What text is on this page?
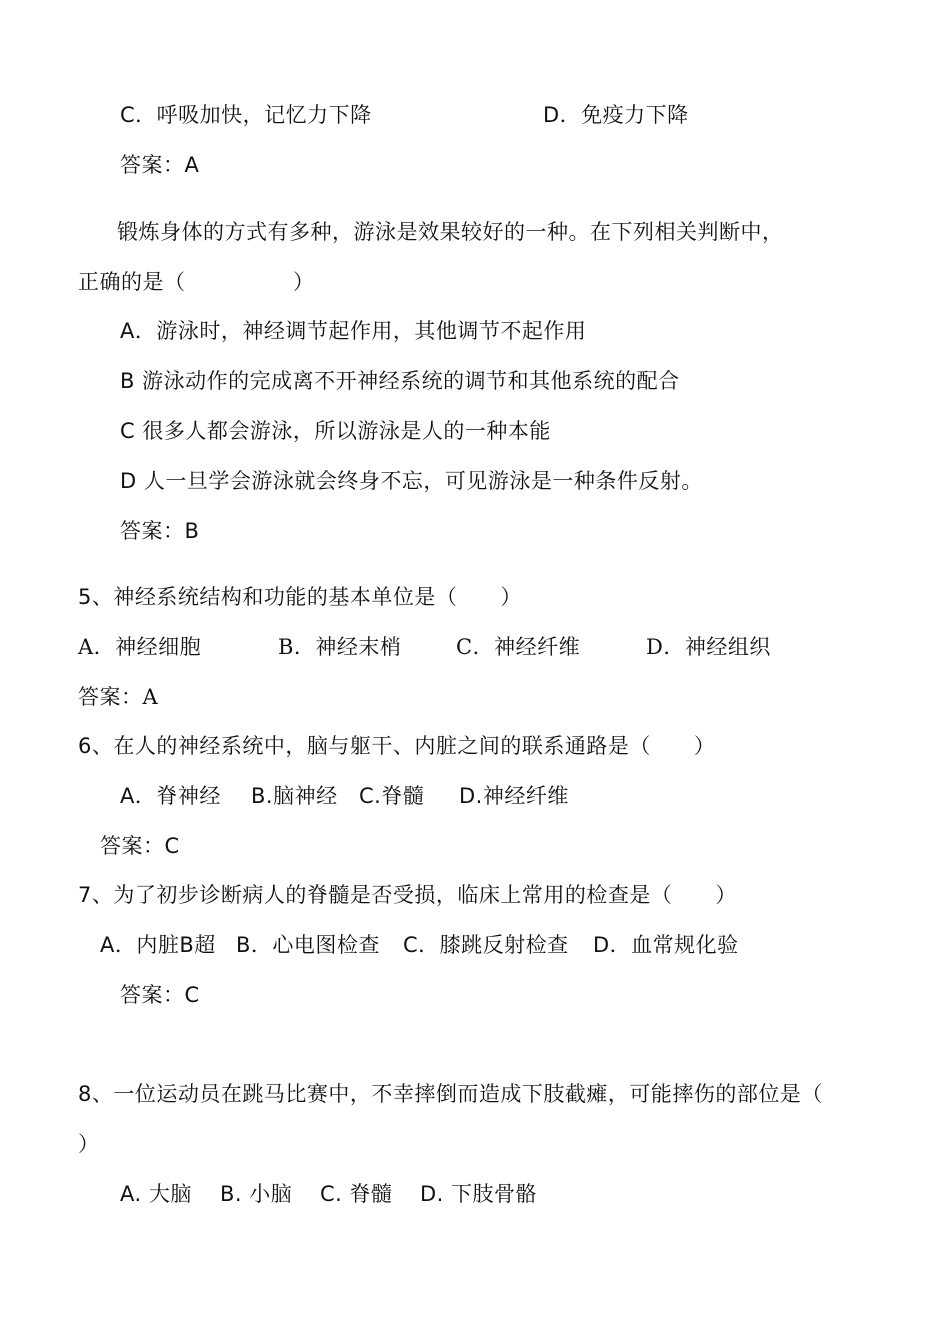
C．呼吸加快，记忆力下降	D．免疫力下降
答案：A
锻炼身体的方式有多种，游泳是效果较好的一种。在下列相关判断中，
正确的是（　　　　　）
A．游泳时，神经调节起作用，其他调节不起作用
B 游泳动作的完成离不开神经系统的调节和其他系统的配合
C 很多人都会游泳，所以游泳是人的一种本能
D 人一旦学会游泳就会终身不忘，可见游泳是一种条件反射。
答案：B
5、神经系统结构和功能的基本单位是（　　）
A．神经细胞	B．神经末梢	C．神经纤维	D．神经组织
答案：A
6、在人的神经系统中，脑与躯干、内脏之间的联系通路是（　　）
A．脊神经 B.脑神经 C.脊髓 D.神经纤维
答案：C
7、为了初步诊断病人的脊髓是否受损，临床上常用的检查是（　　）
A．内脏B超 B．心电图检查 C．膝跳反射检查 D．血常规化验
答案：C
8、一位运动员在跳马比赛中，不幸摔倒而造成下肢截瘫，可能摔伤的部位是（
）
A. 大脑 B. 小脑 C. 脊髓 D. 下肢骨骼
